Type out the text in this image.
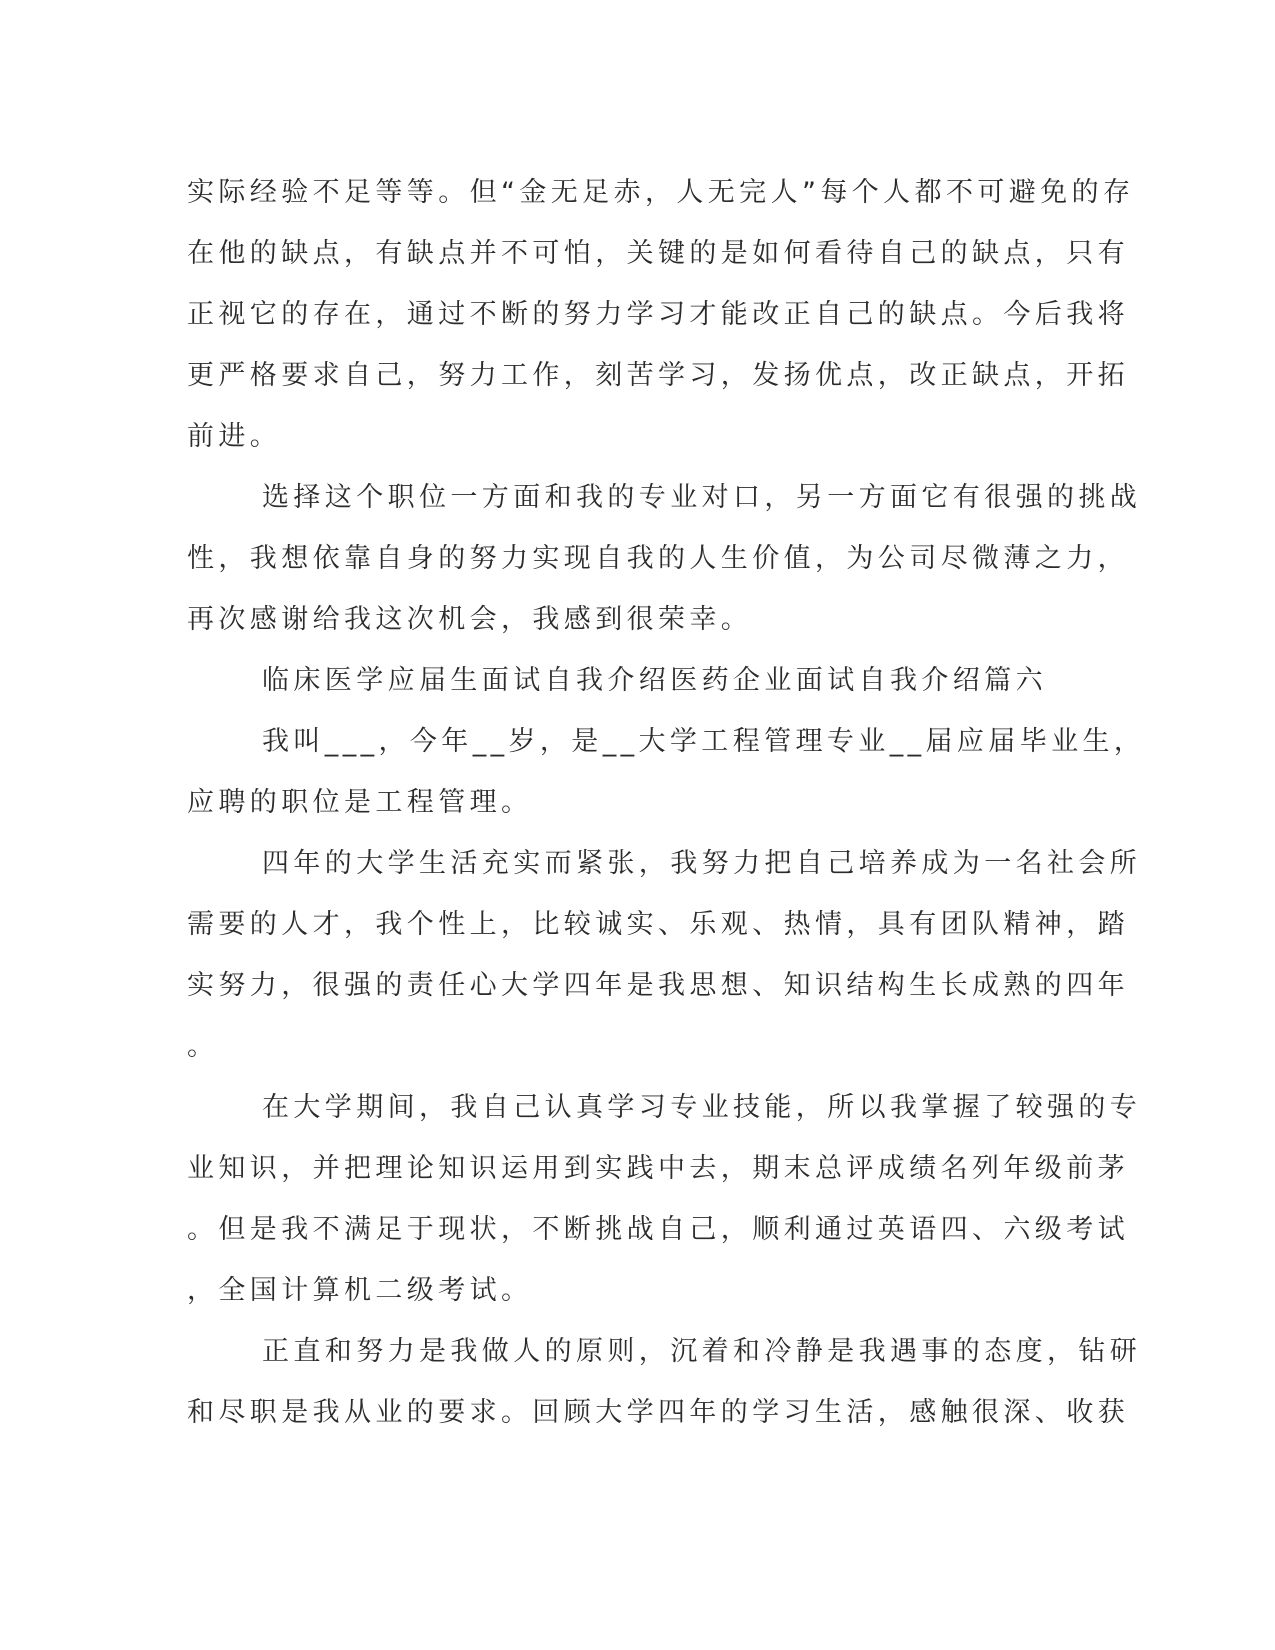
实际经验不足等等。但“金无足赤，人无完人”每个人都不可避免的存
在他的缺点，有缺点并不可怕，关键的是如何看待自己的缺点，只有
正视它的存在，通过不断的努力学习才能改正自己的缺点。今后我将
更严格要求自己，努力工作，刻苦学习，发扬优点，改正缺点，开拓
前进。
选择这个职位一方面和我的专业对口，另一方面它有很强的挑战
性，我想依靠自身的努力实现自我的人生价值，为公司尽微薄之力，
再次感谢给我这次机会，我感到很荣幸。
临床医学应届生面试自我介绍医药企业面试自我介绍篇六
我叫___，今年__岁，是__大学工程管理专业__届应届毕业生，
应聘的职位是工程管理。
四年的大学生活充实而紧张，我努力把自己培养成为一名社会所
需要的人才，我个性上，比较诚实、乐观、热情，具有团队精神，踏
实努力，很强的责任心大学四年是我思想、知识结构生长成熟的四年
。
在大学期间，我自己认真学习专业技能，所以我掌握了较强的专
业知识，并把理论知识运用到实践中去，期末总评成绩名列年级前茅
。但是我不满足于现状，不断挑战自己，顺利通过英语四、六级考试
，全国计算机二级考试。
正直和努力是我做人的原则，沉着和冷静是我遇事的态度，钻研
和尽职是我从业的要求。回顾大学四年的学习生活，感触很深、收获
